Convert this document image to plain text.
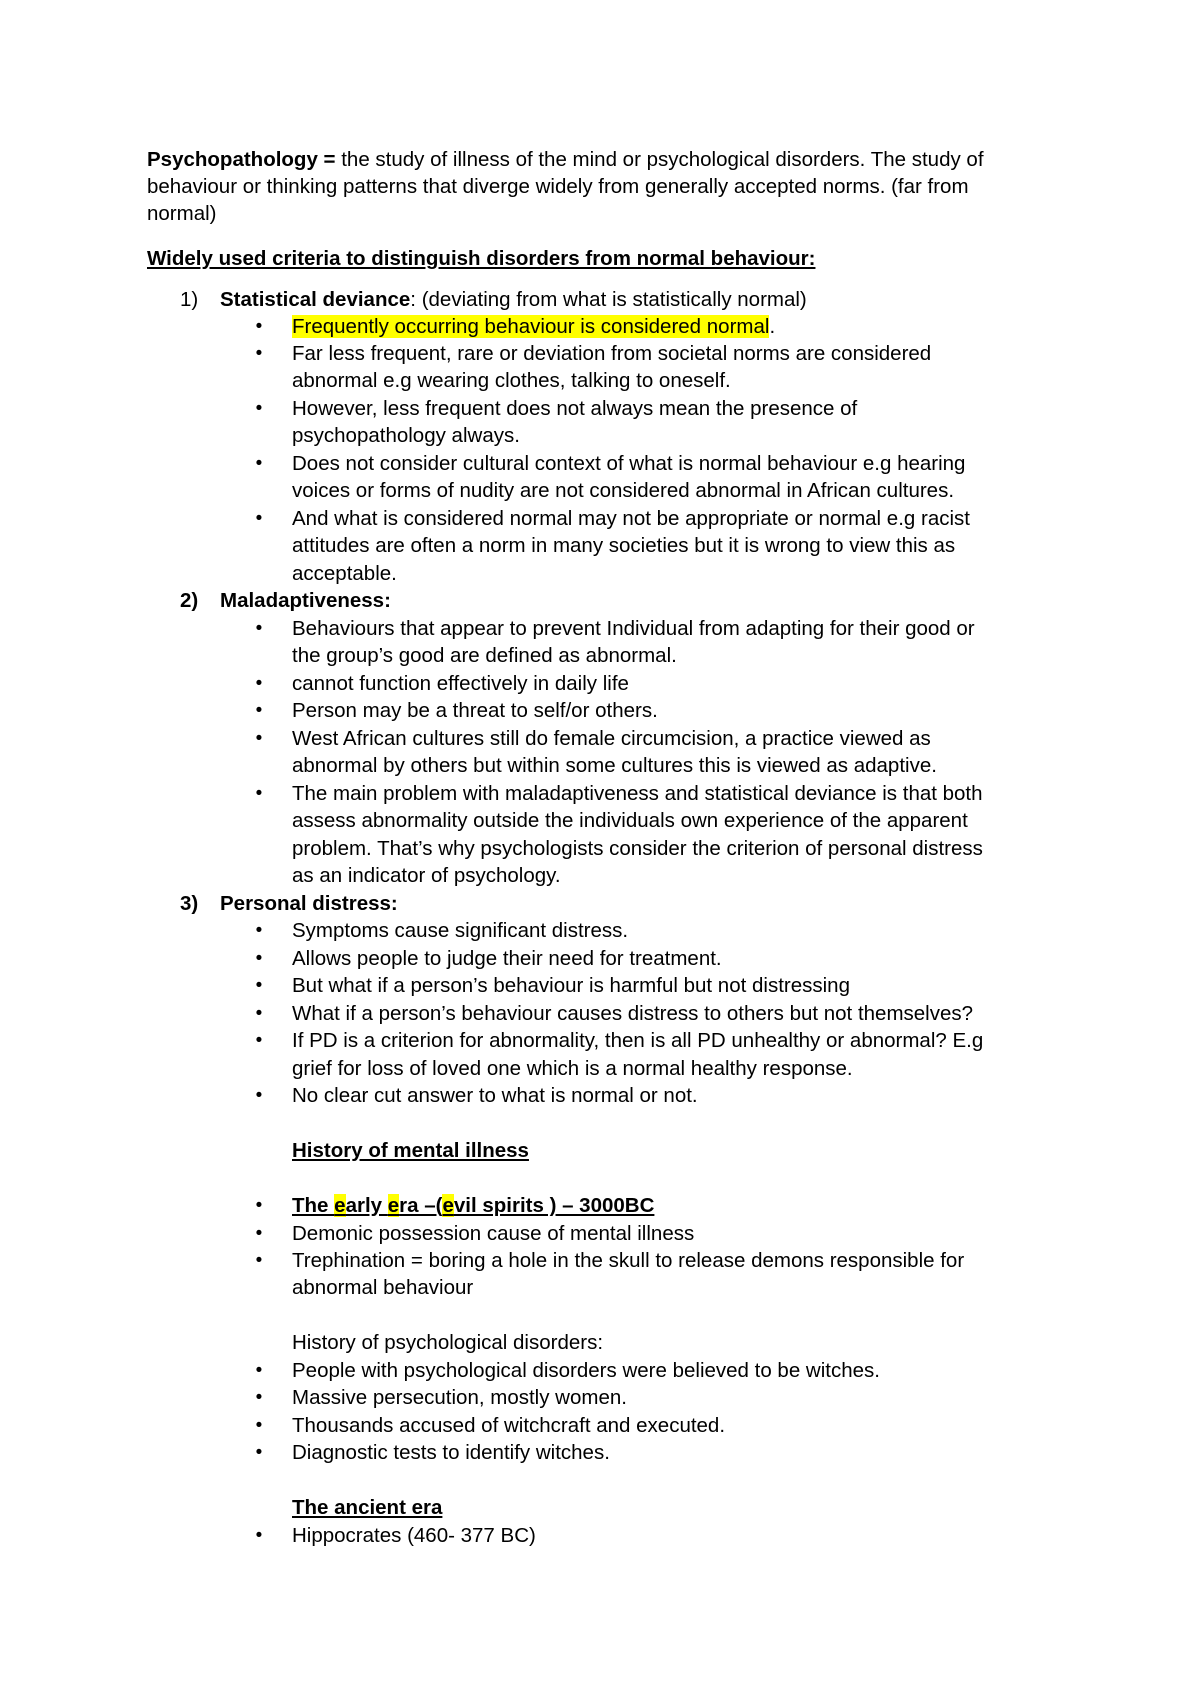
Psychopathology = the study of illness of the mind or psychological disorders. The study of
behaviour or thinking patterns that diverge widely from generally accepted norms. (far from
normal)
Widely used criteria to distinguish disorders from normal behaviour:
1) Statistical deviance: (deviating from what is statistically normal)
• Frequently occurring behaviour is considered normal.
• Far less frequent, rare or deviation from societal norms are considered
abnormal e.g wearing clothes, talking to oneself.
• However, less frequent does not always mean the presence of
psychopathology always.
• Does not consider cultural context of what is normal behaviour e.g hearing
voices or forms of nudity are not considered abnormal in African cultures.
• And what is considered normal may not be appropriate or normal e.g racist
attitudes are often a norm in many societies but it is wrong to view this as
acceptable.
2) Maladaptiveness:
• Behaviours that appear to prevent Individual from adapting for their good or
the group’s good are defined as abnormal.
• cannot function effectively in daily life
• Person may be a threat to self/or others.
• West African cultures still do female circumcision, a practice viewed as
abnormal by others but within some cultures this is viewed as adaptive.
• The main problem with maladaptiveness and statistical deviance is that both
assess abnormality outside the individuals own experience of the apparent
problem. That’s why psychologists consider the criterion of personal distress
as an indicator of psychology.
3) Personal distress:
• Symptoms cause significant distress.
• Allows people to judge their need for treatment.
• But what if a person’s behaviour is harmful but not distressing
• What if a person’s behaviour causes distress to others but not themselves?
• If PD is a criterion for abnormality, then is all PD unhealthy or abnormal? E.g
grief for loss of loved one which is a normal healthy response.
• No clear cut answer to what is normal or not.
History of mental illness
• The early era –(evil spirits ) – 3000BC
• Demonic possession cause of mental illness
• Trephination = boring a hole in the skull to release demons responsible for
abnormal behaviour
History of psychological disorders:
• People with psychological disorders were believed to be witches.
• Massive persecution, mostly women.
• Thousands accused of witchcraft and executed.
• Diagnostic tests to identify witches.
The ancient era
• Hippocrates (460- 377 BC)
